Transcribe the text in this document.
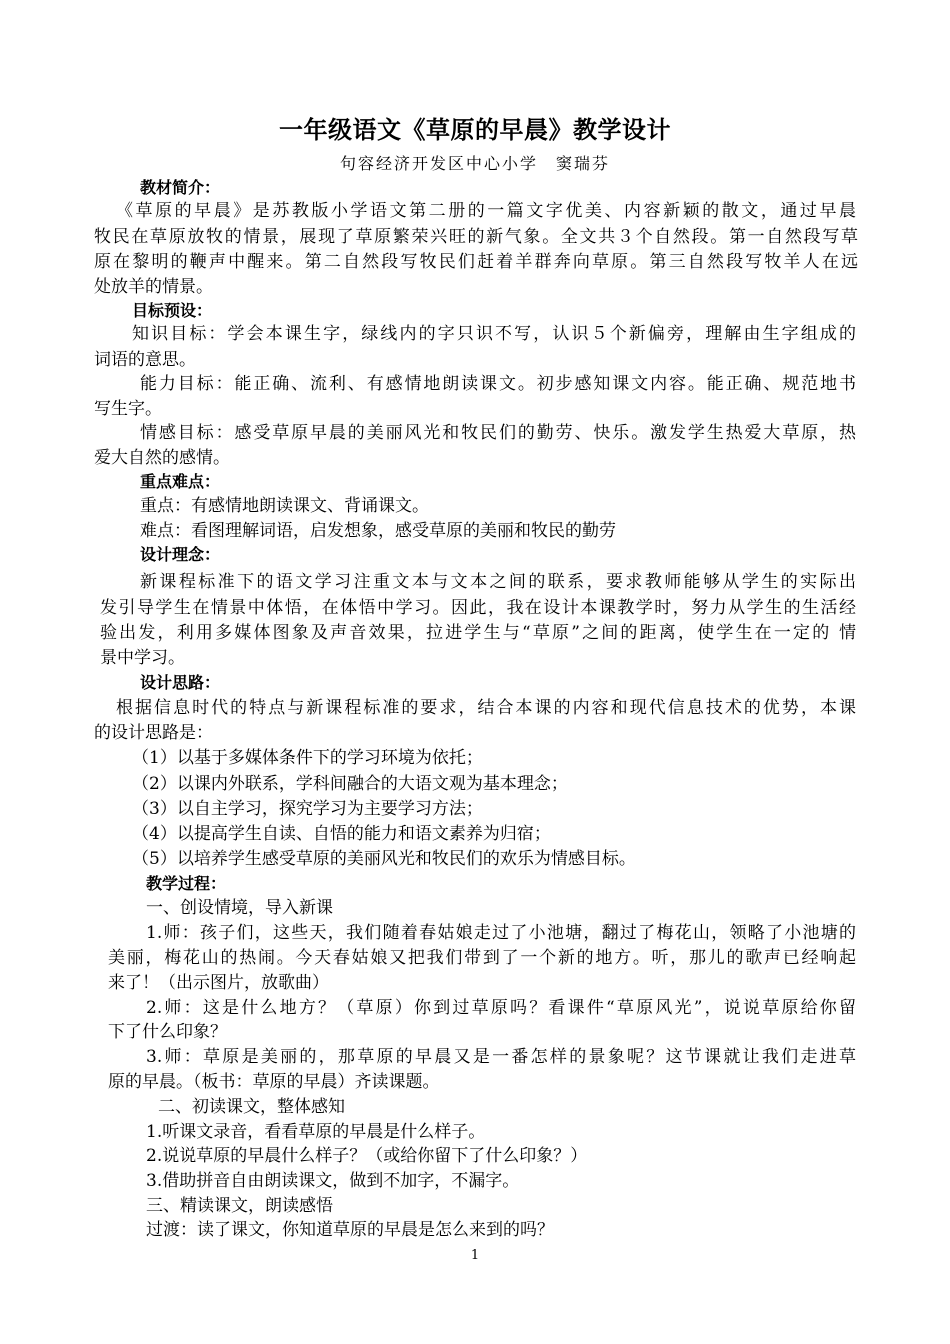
一年级语文《草原的早晨》教学设计
句容经济开发区中心小学　窦瑞芬
教材简介：
《草原的早晨》是苏教版小学语文第二册的一篇文字优美、内容新颖的散文，通过早晨
牧民在草原放牧的情景，展现了草原繁荣兴旺的新气象。全文共３个自然段。第一自然段写草
原在黎明的鞭声中醒来。第二自然段写牧民们赶着羊群奔向草原。第三自然段写牧羊人在远
处放羊的情景。
目标预设：
知识目标：学会本课生字，绿线内的字只识不写，认识５个新偏旁，理解由生字组成的
词语的意思。
能力目标：能正确、流利、有感情地朗读课文。初步感知课文内容。能正确、规范地书
写生字。
情感目标：感受草原早晨的美丽风光和牧民们的勤劳、快乐。激发学生热爱大草原，热
爱大自然的感情。
重点难点：
重点：有感情地朗读课文、背诵课文。
难点：看图理解词语，启发想象，感受草原的美丽和牧民的勤劳
设计理念：
新课程标准下的语文学习注重文本与文本之间的联系，要求教师能够从学生的实际出
发引导学生在情景中体悟，在体悟中学习。因此，我在设计本课教学时，努力从学生的生活经
验出发，利用多媒体图象及声音效果，拉进学生与“草原”之间的距离，使学生在一定的 情
景中学习。
设计思路：
根据信息时代的特点与新课程标准的要求，结合本课的内容和现代信息技术的优势，本课
的设计思路是：
（1）以基于多媒体条件下的学习环境为依托；
（2）以课内外联系，学科间融合的大语文观为基本理念；
（3）以自主学习，探究学习为主要学习方法；
（4）以提高学生自读、自悟的能力和语文素养为归宿；
（5）以培养学生感受草原的美丽风光和牧民们的欢乐为情感目标。
教学过程：
一、创设情境，导入新课
1.师：孩子们，这些天，我们随着春姑娘走过了小池塘，翻过了梅花山，领略了小池塘的
美丽，梅花山的热闹。今天春姑娘又把我们带到了一个新的地方。听，那儿的歌声已经响起
来了！（出示图片，放歌曲）
2.师：这是什么地方？（草原）你到过草原吗？看课件“草原风光”，说说草原给你留
下了什么印象？
3.师：草原是美丽的，那草原的早晨又是一番怎样的景象呢？这节课就让我们走进草
原的早晨。（板书：草原的早晨）齐读课题。
二、初读课文，整体感知
1.听课文录音，看看草原的早晨是什么样子。
2.说说草原的早晨什么样子？（或给你留下了什么印象？）
3.借助拼音自由朗读课文，做到不加字，不漏字。
三、精读课文，朗读感悟
过渡：读了课文，你知道草原的早晨是怎么来到的吗？
1
